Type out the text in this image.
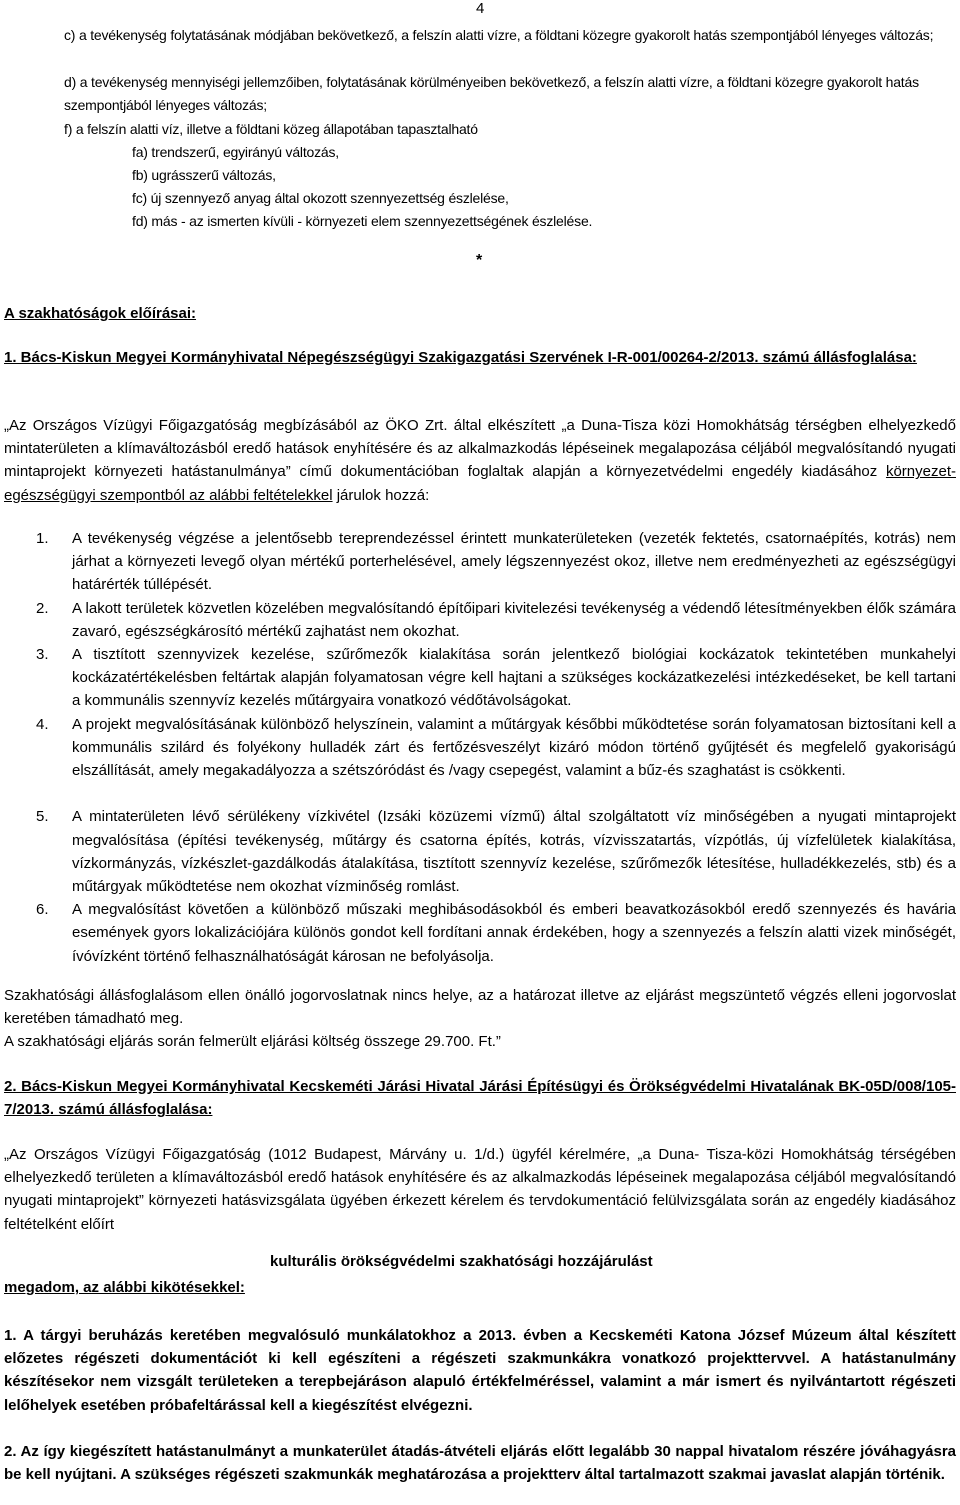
4

c) a tevékenység folytatásának módjában bekövetkező, a felszín alatti vízre, a földtani közegre gyakorolt hatás szempontjából lényeges változás;

d) a tevékenység mennyiségi jellemzőiben, folytatásának körülményeiben bekövetkező, a felszín alatti vízre, a földtani közegre gyakorolt hatás szempontjából lényeges változás;

f) a felszín alatti víz, illetve a földtani közeg állapotában tapasztalható

fa) trendszerű, egyirányú változás,

fb) ugrásszerű változás,

fc) új szennyező anyag által okozott szennyezettség észlelése,

fd) más - az ismerten kívüli - környezeti elem szennyezettségének észlelése.

*

A szakhatóságok előírásai:

1. Bács-Kiskun Megyei Kormányhivatal Népegészségügyi Szakigazgatási Szervének I-R-001/00264-2/2013. számú állásfoglalása:

„Az Országos Vízügyi Főigazgatóság megbízásából az ÖKO Zrt. által elkészített „a Duna-Tisza közi Homokhátság térségben elhelyezkedő mintaterületen a klímaváltozásból eredő hatások enyhítésére és az alkalmazkodás lépéseinek megalapozása céljából megvalósítandó nyugati mintaprojekt környezeti hatástanulmánya” című dokumentációban foglaltak alapján a környezetvédelmi engedély kiadásához környezet-egészségügyi szempontból az alábbi feltételekkel járulok hozzá:

1. A tevékenység végzése a jelentősebb tereprendezéssel érintett munkaterületeken (vezeték fektetés, csatornaépítés, kotrás) nem járhat a környezeti levegő olyan mértékű porterhelésével, amely légszennyezést okoz, illetve nem eredményezheti az egészségügyi határérték túllépését.
2. A lakott területek közvetlen közelében megvalósítandó építőipari kivitelezési tevékenység a védendő létesítményekben élők számára zavaró, egészségkárosító mértékű zajhatást nem okozhat.
3. A tisztított szennyvizek kezelése, szűrőmezők kialakítása során jelentkező biológiai kockázatok tekintetében munkahelyi kockázatértékelésben feltártak alapján folyamatosan végre kell hajtani a szükséges kockázatkezelési intézkedéseket, be kell tartani a kommunális szennyvíz kezelés műtárgyaira vonatkozó védőtávolságokat.
4. A projekt megvalósításának különböző helyszínein, valamint a műtárgyak későbbi működtetése során folyamatosan biztosítani kell a kommunális szilárd és folyékony hulladék zárt és fertőzésveszélyt kizáró módon történő gyűjtését és megfelelő gyakoriságú elszállítását, amely megakadályozza a szétszóródást és /vagy csepegést, valamint a bűz-és szaghatást is csökkenti.
5. A mintaterületen lévő sérülékeny vízkivétel (Izsáki közüzemi vízmű) által szolgáltatott víz minőségében a nyugati mintaprojekt megvalósítása (építési tevékenység, műtárgy és csatorna építés, kotrás, vízvisszatartás, vízpótlás, új vízfelületek kialakítása, vízkormányzás, vízkészlet-gazdálkodás átalakítása, tisztított szennyvíz kezelése, szűrőmezők létesítése, hulladékkezelés, stb) és a műtárgyak működtetése nem okozhat vízminőség romlást.
6. A megvalósítást követően a különböző műszaki meghibásodásokból és emberi beavatkozásokból eredő szennyezés és havária események gyors lokalizációjára különös gondot kell fordítani annak érdekében, hogy a szennyezés a felszín alatti vizek minőségét, ívóvízként történő felhasználhatóságát károsan ne befolyásolja.

Szakhatósági állásfoglalásom ellen önálló jogorvoslatnak nincs helye, az a határozat illetve az eljárást megszüntető végzés elleni jogorvoslat keretében támadható meg.

A szakhatósági eljárás során felmerült eljárási költség összege 29.700. Ft.”

2. Bács-Kiskun Megyei Kormányhivatal Kecskeméti Járási Hivatal Járási Építésügyi és Örökségvédelmi Hivatalának BK-05D/008/105-7/2013. számú állásfoglalása:

„Az Országos Vízügyi Főigazgatóság (1012 Budapest, Márvány u. 1/d.) ügyfél kérelmére, „a Duna- Tisza-közi Homokhátság térségében elhelyezkedő területen a klímaváltozásból eredő hatások enyhítésére és az alkalmazkodás lépéseinek megalapozása céljából megvalósítandó nyugati mintaprojekt” környezeti hatásvizsgálata ügyében érkezett kérelem és tervdokumentáció felülvizsgálata során az engedély kiadásához feltételként előírt

kulturális örökségvédelmi szakhatósági hozzájárulást

megadom, az alábbi kikötésekkel:

1. A tárgyi beruházás keretében megvalósuló munkálatokhoz a 2013. évben a Kecskeméti Katona József Múzeum által készített előzetes régészeti dokumentációt ki kell egészíteni a régészeti szakmunkákra vonatkozó projekttervvel. A hatástanulmány készítésekor nem vizsgált területeken a terepbejáráson alapuló értékfelméréssel, valamint a már ismert és nyilvántartott régészeti lelőhelyek esetében próbafeltárással kell a kiegészítést elvégezni.

2. Az így kiegészített hatástanulmányt a munkaterület átadás-átvételi eljárás előtt legalább 30 nappal hivatalom részére jóváhagyásra be kell nyújtani. A szükséges régészeti szakmunkák meghatározása a projektterv által tartalmazott szakmai javaslat alapján történik.
